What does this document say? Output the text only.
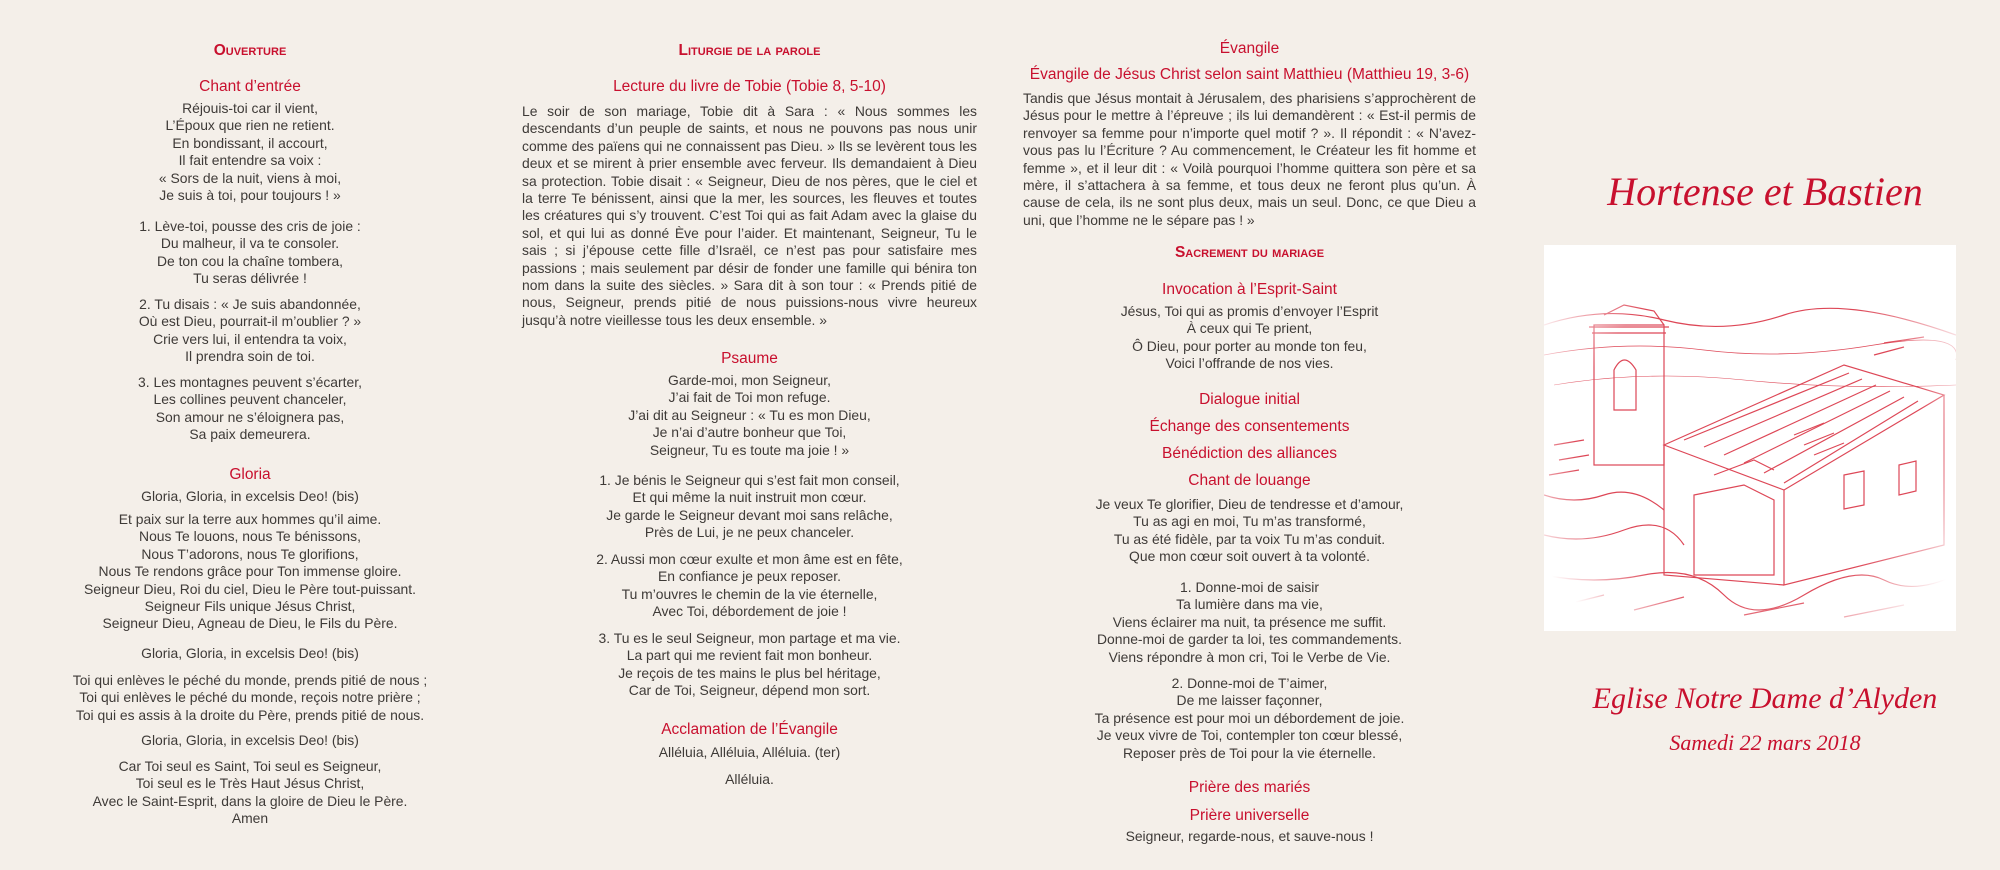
Ouverture
Chant d’entrée
Réjouis-toi car il vient,
L’Époux que rien ne retient.
En bondissant, il accourt,
Il fait entendre sa voix :
« Sors de la nuit, viens à moi,
Je suis à toi, pour toujours ! »
1. Lève-toi, pousse des cris de joie :
Du malheur, il va te consoler.
De ton cou la chaîne tombera,
Tu seras délivrée !
2. Tu disais : « Je suis abandonnée,
Où est Dieu, pourrait-il m’oublier ? »
Crie vers lui, il entendra ta voix,
Il prendra soin de toi.
3. Les montagnes peuvent s’écarter,
Les collines peuvent chanceler,
Son amour ne s’éloignera pas,
Sa paix demeurera.
Gloria
Gloria, Gloria, in excelsis Deo! (bis)
Et paix sur la terre aux hommes qu’il aime.
Nous Te louons, nous Te bénissons,
Nous T’adorons, nous Te glorifions,
Nous Te rendons grâce pour Ton immense gloire.
Seigneur Dieu, Roi du ciel, Dieu le Père tout-puissant.
Seigneur Fils unique Jésus Christ,
Seigneur Dieu, Agneau de Dieu, le Fils du Père.
Gloria, Gloria, in excelsis Deo! (bis)
Toi qui enlèves le péché du monde, prends pitié de nous ;
Toi qui enlèves le péché du monde, reçois notre prière ;
Toi qui es assis à la droite du Père, prends pitié de nous.
Gloria, Gloria, in excelsis Deo! (bis)
Car Toi seul es Saint, Toi seul es Seigneur,
Toi seul es le Très Haut Jésus Christ,
Avec le Saint-Esprit, dans la gloire de Dieu le Père.
Amen
Liturgie de la parole
Lecture du livre de Tobie (Tobie 8, 5-10)
Le soir de son mariage, Tobie dit à Sara : « Nous sommes les descendants d’un peuple de saints, et nous ne pouvons pas nous unir comme des païens qui ne connaissent pas Dieu. » Ils se levèrent tous les deux et se mirent à prier ensemble avec ferveur. Ils demandaient à Dieu sa protection. Tobie disait : « Seigneur, Dieu de nos pères, que le ciel et la terre Te bénissent, ainsi que la mer, les sources, les fleuves et toutes les créatures qui s’y trouvent. C’est Toi qui as fait Adam avec la glaise du sol, et qui lui as donné Ève pour l’aider. Et maintenant, Seigneur, Tu le sais ; si j’épouse cette fille d’Israël, ce n’est pas pour satisfaire mes passions ; mais seulement par désir de fonder une famille qui bénira ton nom dans la suite des siècles. » Sara dit à son tour : « Prends pitié de nous, Seigneur, prends pitié de nous puissions-nous vivre heureux jusqu’à notre vieillesse tous les deux ensemble. »
Psaume
Garde-moi, mon Seigneur,
J’ai fait de Toi mon refuge.
J’ai dit au Seigneur : « Tu es mon Dieu,
Je n’ai d’autre bonheur que Toi,
Seigneur, Tu es toute ma joie ! »
1. Je bénis le Seigneur qui s’est fait mon conseil,
Et qui même la nuit instruit mon cœur.
Je garde le Seigneur devant moi sans relâche,
Près de Lui, je ne peux chanceler.
2. Aussi mon cœur exulte et mon âme est en fête,
En confiance je peux reposer.
Tu m’ouvres le chemin de la vie éternelle,
Avec Toi, débordement de joie !
3. Tu es le seul Seigneur, mon partage et ma vie.
La part qui me revient fait mon bonheur.
Je reçois de tes mains le plus bel héritage,
Car de Toi, Seigneur, dépend mon sort.
Acclamation de l’Évangile
Alléluia, Alléluia, Alléluia. (ter)
Alléluia.
Évangile
Évangile de Jésus Christ selon saint Matthieu (Matthieu 19, 3-6)
Tandis que Jésus montait à Jérusalem, des pharisiens s’approchèrent de Jésus pour le mettre à l’épreuve ; ils lui demandèrent : « Est-il permis de renvoyer sa femme pour n’importe quel motif ? ». Il répondit : « N’avez-vous pas lu l’Écriture ? Au commencement, le Créateur les fit homme et femme », et il leur dit : « Voilà pourquoi l’homme quittera son père et sa mère, il s’attachera à sa femme, et tous deux ne feront plus qu’un. À cause de cela, ils ne sont plus deux, mais un seul. Donc, ce que Dieu a uni, que l’homme ne le sépare pas ! »
Sacrement du mariage
Invocation à l’Esprit-Saint
Jésus, Toi qui as promis d’envoyer l’Esprit
À ceux qui Te prient,
Ô Dieu, pour porter au monde ton feu,
Voici l’offrande de nos vies.
Dialogue initial
Échange des consentements
Bénédiction des alliances
Chant de louange
Je veux Te glorifier, Dieu de tendresse et d’amour,
Tu as agi en moi, Tu m’as transformé,
Tu as été fidèle, par ta voix Tu m’as conduit.
Que mon cœur soit ouvert à ta volonté.
1. Donne-moi de saisir
Ta lumière dans ma vie,
Viens éclairer ma nuit, ta présence me suffit.
Donne-moi de garder ta loi, tes commandements.
Viens répondre à mon cri, Toi le Verbe de Vie.
2. Donne-moi de T’aimer,
De me laisser façonner,
Ta présence est pour moi un débordement de joie.
Je veux vivre de Toi, contempler ton cœur blessé,
Reposer près de Toi pour la vie éternelle.
Prière des mariés
Prière universelle
Seigneur, regarde-nous, et sauve-nous !
Hortense et Bastien
Eglise Notre Dame d’Alyden
Samedi 22 mars 2018
